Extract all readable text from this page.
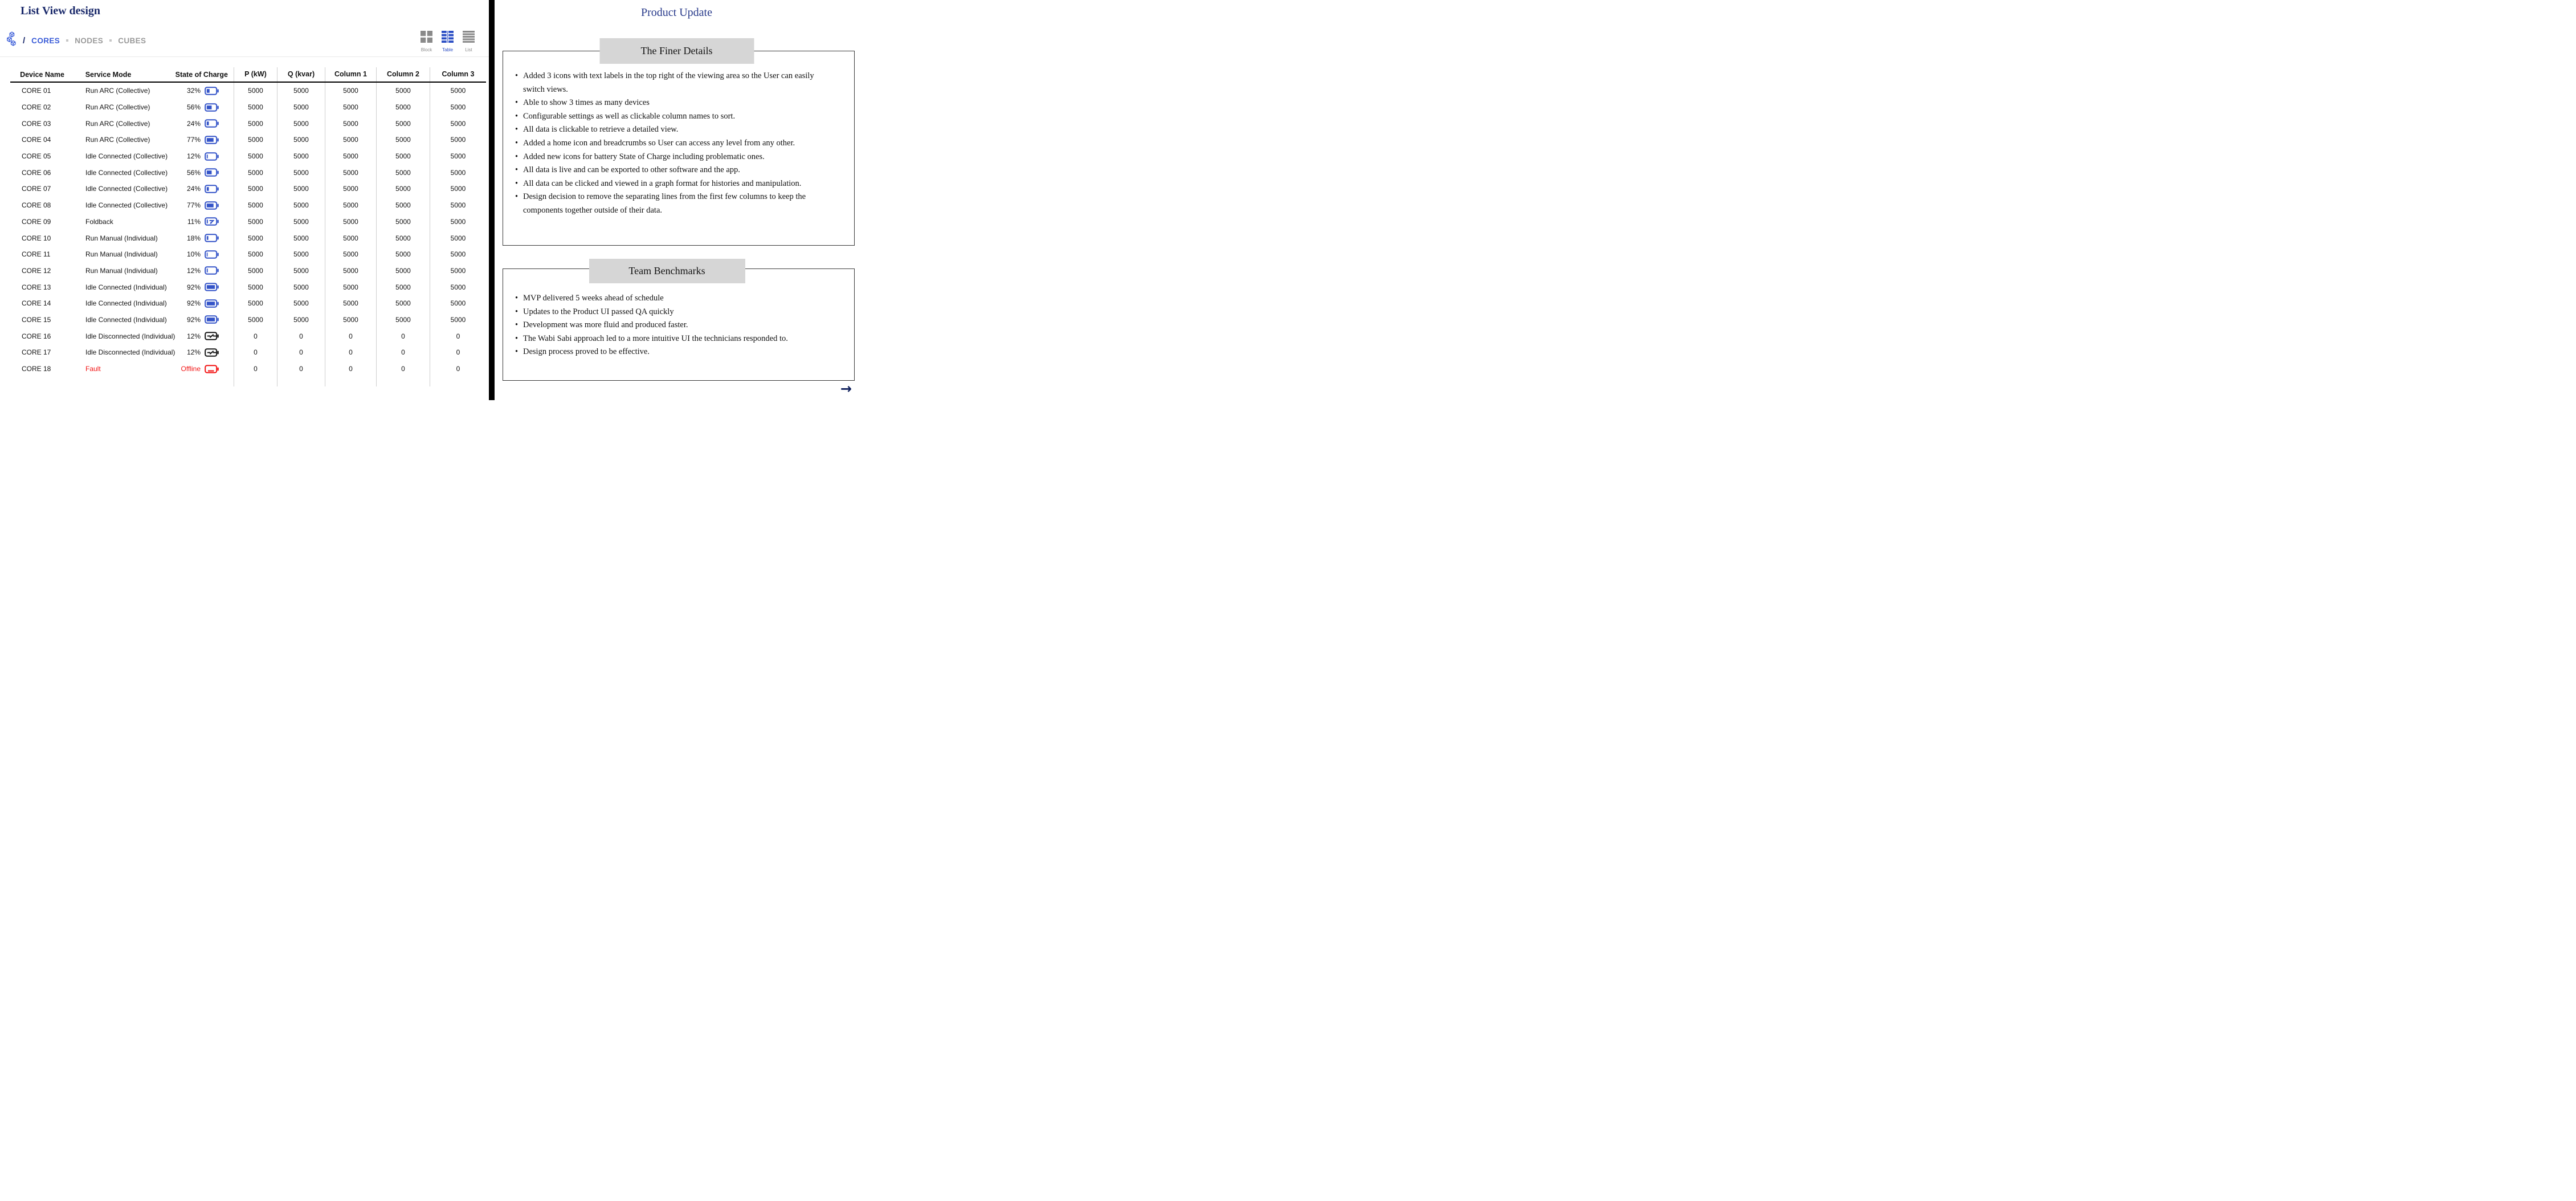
List View design
/ CORES NODES CUBES
Block Table	List
Device Name	Service Mode	State of Charge	P (kW)	Q (kvar)	Column 1	Column 2	Column 3
CORE 01	Run ARC (Collective)	32%	5000	5000	5000	5000	5000
CORE 02	Run ARC (Collective)	56%	5000	5000	5000	5000	5000
CORE 03	Run ARC (Collective)	24%	5000	5000	5000	5000	5000
CORE 04	Run ARC (Collective)	77%	5000	5000	5000	5000	5000
CORE 05	Idle Connected (Collective)	12%	5000	5000	5000	5000	5000
CORE 06	Idle Connected (Collective)	56%	5000	5000	5000	5000	5000
CORE 07	Idle Connected (Collective)	24%	5000	5000	5000	5000	5000
CORE 08	Idle Connected (Collective)	77%	5000	5000	5000	5000	5000
CORE 09	Foldback	11%	5000	5000	5000	5000	5000
CORE 10	Run Manual (Individual)	18%	5000	5000	5000	5000	5000
CORE 11	Run Manual (Individual)	10%	5000	5000	5000	5000	5000
CORE 12	Run Manual (Individual)	12%	5000	5000	5000	5000	5000
CORE 13	Idle Connected (Individual)	92%	5000	5000	5000	5000	5000
CORE 14	Idle Connected (Individual)	92%	5000	5000	5000	5000	5000
CORE 15	Idle Connected (Individual)	92%	5000	5000	5000	5000	5000
CORE 16	Idle Disconnected (Individual) 12%	0	0	0	0	0
CORE 17	Idle Disconnected (Individual) 12%	0	0	0	0	0
CORE 18	Fault	Offline	0	0	0	0	0
Product Update
The Finer Details
• Added 3 icons with text labels in the top right of the viewing area so the User can easily switch views.
• Able to show 3 times as many devices
• Configurable settings as well as clickable column names to sort.
• All data is clickable to retrieve a detailed view.
• Added a home icon and breadcrumbs so User can access any level from any other.
• Added new icons for battery State of Charge including problematic ones.
• All data is live and can be exported to other software and the app.
• All data can be clicked and viewed in a graph format for histories and manipulation.
• Design decision to remove the separating lines from the first few columns to keep the components together outside of their data.
Team Benchmarks
• MVP delivered 5 weeks ahead of schedule
• Updates to the Product UI passed QA quickly
• Development was more fluid and produced faster.
• The Wabi Sabi approach led to a more intuitive UI the technicians responded to.
• Design process proved to be effective.
→
